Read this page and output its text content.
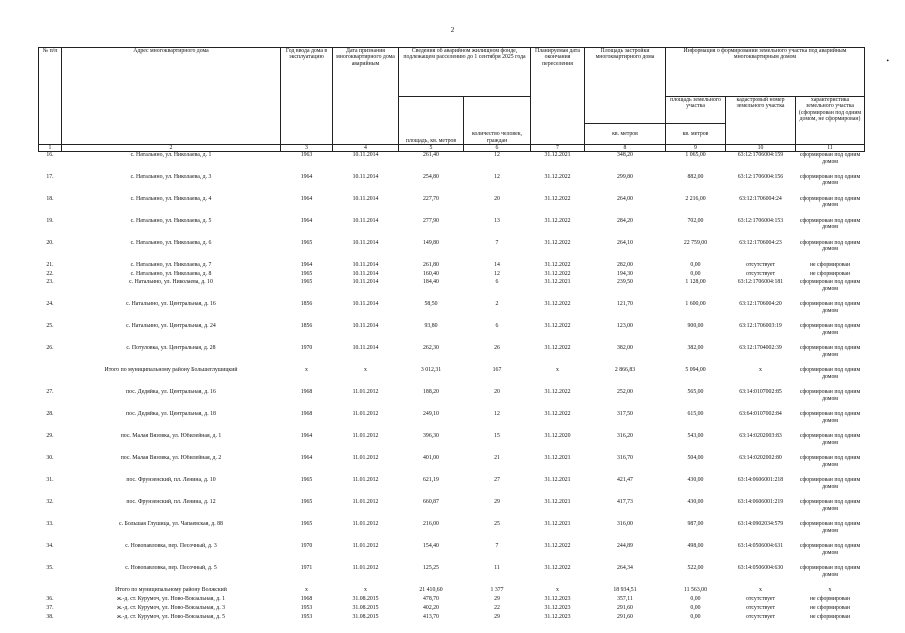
2
•
№ п/п	Адрес многоквартирного дома	Год ввода дома в эксплуатацию	Дата признания многоквартирного дома аварийным	Сведения об аварийном жилищном фонде, подлежащем расселению до 1 сентября 2025 года		Планируемая дата окончания переселения	Площадь застройки многоквартирного дома	Информация о формировании земельного участка под аварийным многоквартирным домом		
				площадь, кв. метров	количество человек, граждан			площадь земельного участка	кадастровый номер земельного участка	характеристика земельного участка (сформирован под одним домом, не сформирован)
							кв. метров	кв. метров		
1	2	3	4	5	6	7	8	9	10	11
16.	с. Натальино, ул. Николаева, д. 1	1963	10.11.2014	261,40	12	31.12.2021	348,20	1 065,00	63:12:1706004:159	сформирован под одним домом
17.	с. Натальино, ул. Николаева, д. 3	1964	10.11.2014	254,80	12	31.12.2022	299,80	882,00	63:12:1706004:156	сформирован под одним домом
18.	с. Натальино, ул. Николаева, д. 4	1964	10.11.2014	227,70	20	31.12.2022	264,00	2 216,00	63:12:1706004:24	сформирован под одним домом
19.	с. Натальино, ул. Николаева, д. 5	1964	10.11.2014	277,90	13	31.12.2022	284,20	702,00	63:12:1706004:153	сформирован под одним домом
20.	с. Натальино, ул. Николаева, д. 6	1965	10.11.2014	149,80	7	31.12.2022	264,10	22 759,00	63:12:1706004:23	сформирован под одним домом
21.	с. Натальино, ул. Николаева, д. 7	1964	10.11.2014	261,80	14	31.12.2022	282,00	0,00	отсутствует	не сформирован
22.	с. Натальино, ул. Николаева, д. 8	1965	10.11.2014	160,40	12	31.12.2022	194,30	0,00	отсутствует	не сформирован
23.	с. Натальино, ул. Николаева, д. 10	1965	10.11.2014	184,40	6	31.12.2021	239,50	1 128,00	63:12:1706004:181	сформирован под одним домом
24.	с. Натальино, ул. Центральная, д. 16	1856	10.11.2014	58,50	2	31.12.2022	121,70	1 600,00	63:12:1706004:20	сформирован под одним домом
25.	с. Натальино, ул. Центральная, д. 24	1856	10.11.2014	93,80	6	31.12.2022	123,00	900,00	63:12:1706003:19	сформирован под одним домом
26.	с. Потуловка, ул. Центральная, д. 28	1970	10.11.2014	262,30	26	31.12.2022	382,00	382,00	63:12:1704002:39	сформирован под одним домом
	Итого по муниципальному району Большеглушицкий	x	x	3 012,31	167	x	2 866,83	5 094,00	x	сформирован под одним домом
27.	пос. Дедяйка, ул. Центральная, д. 16	1968	11.01.2012	188,20	20	31.12.2022	252,00	565,00	63:14:0107002:85	сформирован под одним домом
28.	пос. Дедяйка, ул. Центральная, д. 18	1968	11.01.2012	249,10	12	31.12.2022	317,50	615,00	63:64:0107002:84	сформирован под одним домом
29.	пос. Малая Вязовка, ул. Юбилейная, д. 1	1964	11.01.2012	396,30	15	31.12.2020	316,20	543,00	63:14:0202003:83	сформирован под одним домом
30.	пос. Малая Вязовка, ул. Юбилейная, д. 2	1964	11.01.2012	401,00	21	31.12.2021	316,70	504,00	63:14:0202002:80	сформирован под одним домом
31.	пос. Фрунзенский, пл. Ленина, д. 10	1965	11.01.2012	621,19	27	31.12.2021	421,47	430,00	63:14:0606001:218	сформирован под одним домом
32.	пос. Фрунзенский, пл. Ленина, д. 12	1965	11.01.2012	660,87	29	31.12.2021	417,73	430,00	63:14:0606001:219	сформирован под одним домом
33.	с. Большая Глушица, ул. Чапаевская, д. 88	1965	11.01.2012	216,00	25	31.12.2021	316,00	987,00	63:14:0902034:579	сформирован под одним домом
34.	с. Новопавловка, пер. Песочный, д. 3	1970	11.01.2012	154,40	7	31.12.2022	244,89	498,00	63:14:0506004:631	сформирован под одним домом
35.	с. Новопавловка, пер. Песочный, д. 5	1971	11.01.2012	125,25	11	31.12.2022	264,34	522,00	63:14:0506004:630	сформирован под одним домом
	Итого по муниципальному району Волжский	x	x	21 410,60	1 377	x	18 934,51	11 563,00	x	x
36.	ж.-д. ст. Курумоч, ул. Ново-Вокзальная, д. 1	1968	31.08.2015	478,70	29	31.12.2023	357,11	0,00	отсутствует	не сформирован
37.	ж.-д. ст. Курумоч, ул. Ново-Вокзальная, д. 3	1953	31.08.2015	402,20	22	31.12.2023	291,60	0,00	отсутствует	не сформирован
38.	ж.-д. ст. Курумоч, ул. Ново-Вокзальная, д. 5	1953	31.08.2015	413,70	29	31.12.2023	291,60	0,00	отсутствует	не сформирован
